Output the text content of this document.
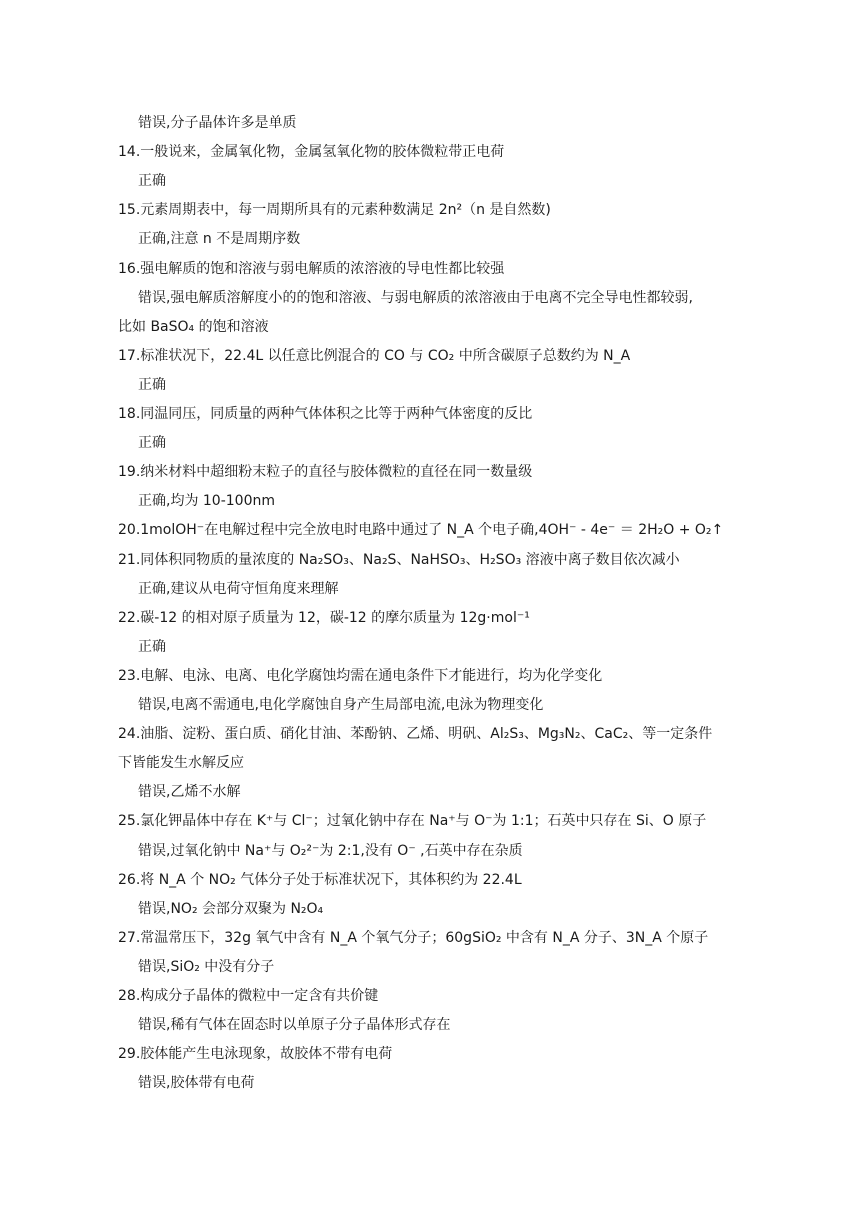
错误,分子晶体许多是单质
14.一般说来，金属氧化物，金属氢氧化物的胶体微粒带正电荷
正确
15.元素周期表中，每一周期所具有的元素种数满足 2n²（n 是自然数)
正确,注意 n 不是周期序数
16.强电解质的饱和溶液与弱电解质的浓溶液的导电性都比较强
错误,强电解质溶解度小的的饱和溶液、与弱电解质的浓溶液由于电离不完全导电性都较弱,
比如 BaSO₄ 的饱和溶液
17.标准状况下，22.4L 以任意比例混合的 CO 与 CO₂ 中所含碳原子总数约为 N_A
正确
18.同温同压，同质量的两种气体体积之比等于两种气体密度的反比
正确
19.纳米材料中超细粉末粒子的直径与胶体微粒的直径在同一数量级
正确,均为 10-100nm
20.1molOH⁻在电解过程中完全放电时电路中通过了 N_A 个电子确,4OH⁻ - 4e⁻ ＝ 2H₂O + O₂↑
21.同体积同物质的量浓度的 Na₂SO₃、Na₂S、NaHSO₃、H₂SO₃ 溶液中离子数目依次减小
正确,建议从电荷守恒角度来理解
22.碳-12 的相对原子质量为 12，碳-12 的摩尔质量为 12g·mol⁻¹
正确
23.电解、电泳、电离、电化学腐蚀均需在通电条件下才能进行，均为化学变化
错误,电离不需通电,电化学腐蚀自身产生局部电流,电泳为物理变化
24.油脂、淀粉、蛋白质、硝化甘油、苯酚钠、乙烯、明矾、Al₂S₃、Mg₃N₂、CaC₂、等一定条件
下皆能发生水解反应
错误,乙烯不水解
25.氯化钾晶体中存在 K⁺与 Cl⁻；过氧化钠中存在 Na⁺与 O⁻为 1:1；石英中只存在 Si、O 原子
错误,过氧化钠中 Na⁺与 O₂²⁻为 2:1,没有 O⁻ ,石英中存在杂质
26.将 N_A 个 NO₂ 气体分子处于标准状况下，其体积约为 22.4L
错误,NO₂ 会部分双聚为 N₂O₄
27.常温常压下，32g 氧气中含有 N_A 个氧气分子；60gSiO₂ 中含有 N_A 分子、3N_A 个原子
错误,SiO₂ 中没有分子
28.构成分子晶体的微粒中一定含有共价键
错误,稀有气体在固态时以单原子分子晶体形式存在
29.胶体能产生电泳现象，故胶体不带有电荷
错误,胶体带有电荷
